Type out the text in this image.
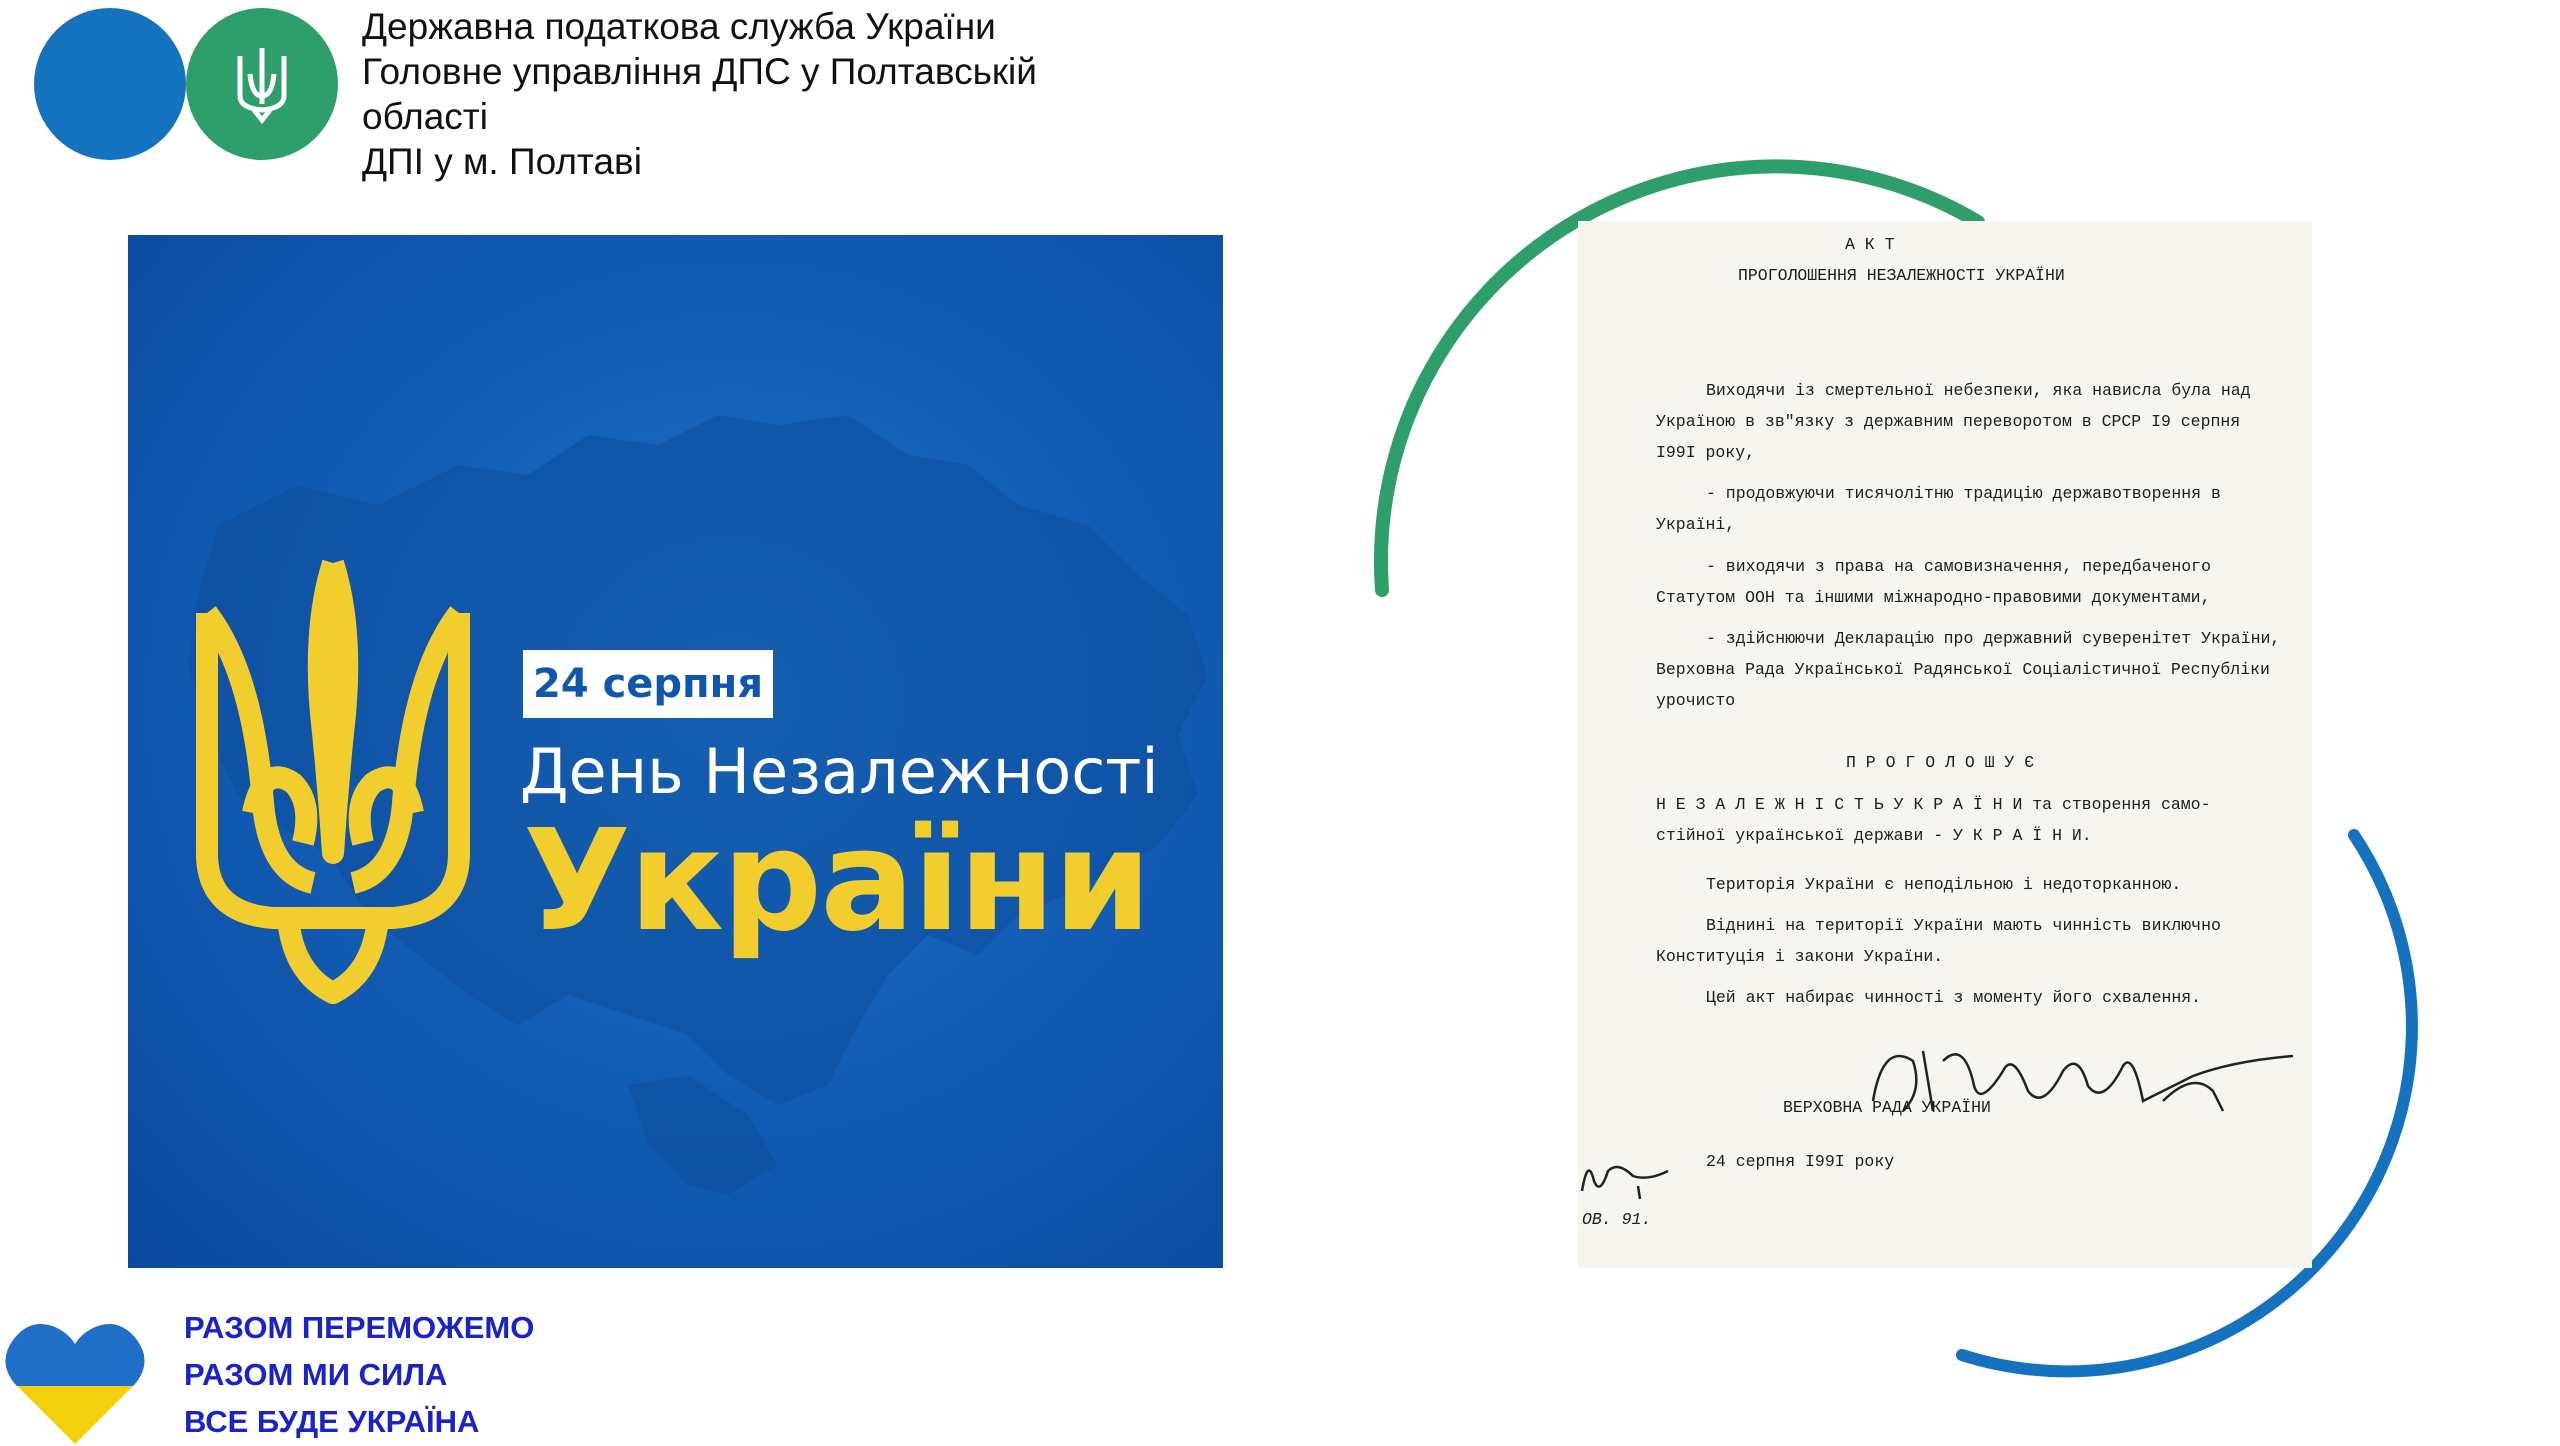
Державна податкова служба України
Головне управління ДПС у Полтавській
області
ДПІ у м. Полтаві
24 серпня
День Незалежності
України
А К Т
ПРОГОЛОШЕННЯ НЕЗАЛЕЖНОСТІ УКРАЇНИ
Виходячи із смертельної небезпеки, яка нависла була над
Україною в зв"язку з державним переворотом в СРСР I9 серпня
I99I року,
- продовжуючи тисячолітню традицію державотворення в
Україні,
- виходячи з права на самовизначення, передбаченого
Статутом ООН та іншими міжнародно-правовими документами,
- здійснюючи Декларацію про державний суверенітет України,
Верховна Рада Української Радянської Соціалістичної Республіки
урочисто
П Р О Г О Л О Ш У Є
Н Е З А Л Е Ж Н І С Т Ь У К Р А Ї Н И та створення само-
стійної української держави - У К Р А Ї Н И.
Територія України є неподільною і недоторканною.
Віднині на території України мають чинність виключно
Конституція і закони України.
Цей акт набирає чинності з моменту його схвалення.
ВЕРХОВНА РАДА УКРАЇНИ
24 серпня I99I року
ОВ. 91.
РАЗОМ ПЕРЕМОЖЕМО
РАЗОМ МИ СИЛА
ВСЕ БУДЕ УКРАЇНА
